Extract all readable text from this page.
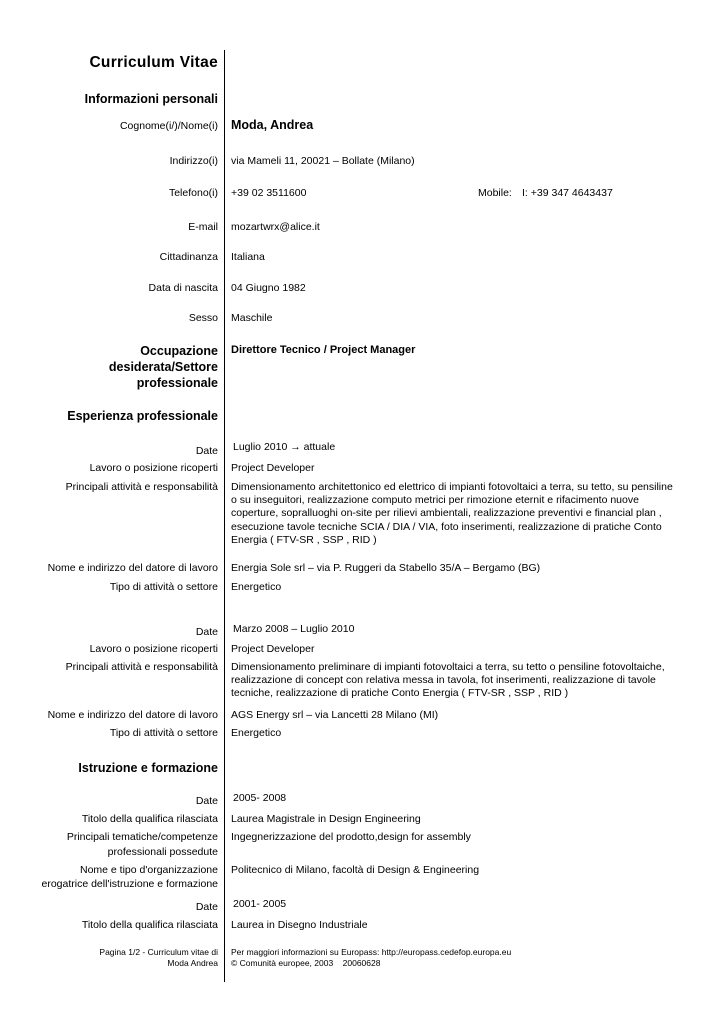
Curriculum Vitae
Informazioni personali
Cognome(i/)/Nome(i) Moda, Andrea
Indirizzo(i) via Mameli 11, 20021 – Bollate (Milano)
Telefono(i) +39 02 3511600	Mobile: I: +39 347 4643437
E-mail mozartwrx@alice.it
Cittadinanza Italiana
Data di nascita 04 Giugno 1982
Sesso Maschile
Occupazione
desiderata/Settore
professionale
Direttore Tecnico / Project Manager
Esperienza professionale
Date Luglio 2010 → attuale
Lavoro o posizione ricoperti Project Developer
Principali attività e responsabilità Dimensionamento architettonico ed elettrico di impianti fotovoltaici a terra, su tetto, su pensiline o su inseguitori, realizzazione computo metrici per rimozione eternit e rifacimento nuove coperture, sopralluoghi on-site per rilievi ambientali, realizzazione preventivi e financial plan , esecuzione tavole tecniche SCIA / DIA / VIA, foto inserimenti, realizzazione di pratiche Conto Energia ( FTV-SR , SSP , RID )
Nome e indirizzo del datore di lavoro Energia Sole srl – via P. Ruggeri da Stabello 35/A – Bergamo (BG)
Tipo di attività o settore Energetico
Date Marzo 2008 – Luglio 2010
Lavoro o posizione ricoperti Project Developer
Principali attività e responsabilità Dimensionamento preliminare di impianti fotovoltaici a terra, su tetto o pensiline fotovoltaiche, realizzazione di concept con relativa messa in tavola, fot inserimenti, realizzazione di tavole tecniche, realizzazione di pratiche Conto Energia ( FTV-SR , SSP , RID )
Nome e indirizzo del datore di lavoro AGS Energy srl – via Lancetti 28 Milano (MI)
Tipo di attività o settore Energetico
Istruzione e formazione
Date 2005- 2008
Titolo della qualifica rilasciata Laurea Magistrale in Design Engineering
Principali tematiche/competenze
professionali possedute
Ingegnerizzazione del prodotto,design for assembly
Nome e tipo d'organizzazione
erogatrice dell'istruzione e formazione
Politecnico di Milano, facoltà di Design & Engineering
Date 2001- 2005
Titolo della qualifica rilasciata Laurea in Disegno Industriale
Pagina 1/2 - Curriculum vitae di
Moda Andrea
Per maggiori informazioni su Europass: http://europass.cedefop.europa.eu
© Comunità europee, 2003    20060628
